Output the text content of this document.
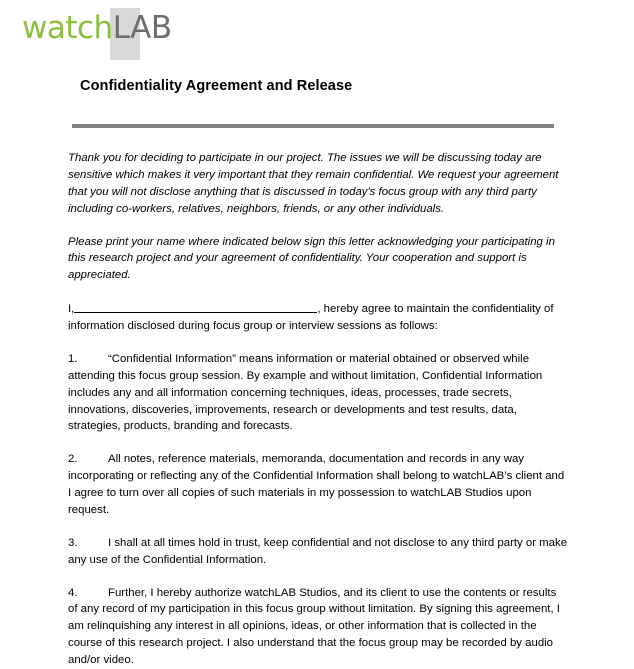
watchLAB
Confidentiality Agreement and Release
Thank you for deciding to participate in our project. The issues we will be discussing today are sensitive which makes it very important that they remain confidential. We request your agreement that you will not disclose anything that is discussed in today's focus group with any third party including co-workers, relatives, neighbors, friends, or any other individuals.
Please print your name where indicated below sign this letter acknowledging your participating in this research project and your agreement of confidentiality. Your cooperation and support is appreciated.
I,	, hereby agree to maintain the confidentiality of information disclosed during focus group or interview sessions as follows:
1.	“Confidential Information” means information or material obtained or observed while attending this focus group session. By example and without limitation, Confidential Information includes any and all information concerning techniques, ideas, processes, trade secrets, innovations, discoveries, improvements, research or developments and test results, data, strategies, products, branding and forecasts.
2.	All notes, reference materials, memoranda, documentation and records in any way incorporating or reflecting any of the Confidential Information shall belong to watchLAB’s client and I agree to turn over all copies of such materials in my possession to watchLAB Studios upon request.
3.	I shall at all times hold in trust, keep confidential and not disclose to any third party or make any use of the Confidential Information.
4.	Further, I hereby authorize watchLAB Studios, and its client to use the contents or results of any record of my participation in this focus group without limitation. By signing this agreement, I am relinquishing any interest in all opinions, ideas, or other information that is collected in the course of this research project. I also understand that the focus group may be recorded by audio and/or video.
